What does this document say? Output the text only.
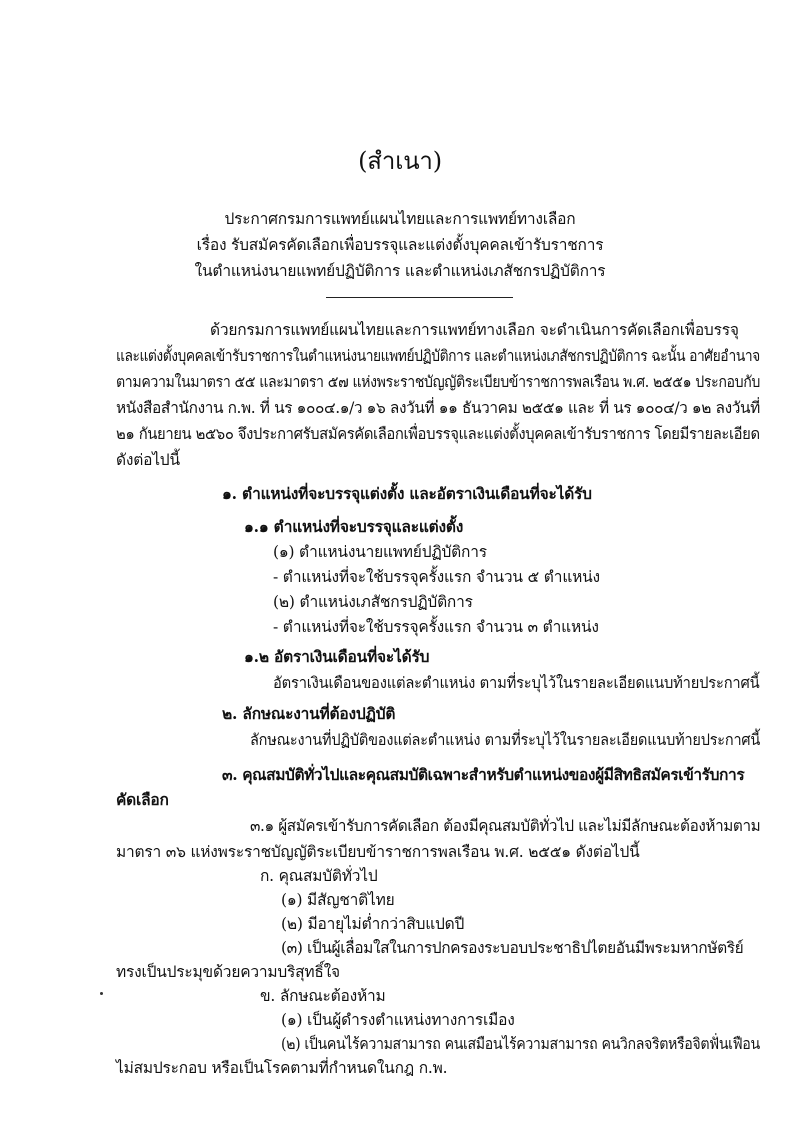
(สำเนา)
ประกาศกรมการแพทย์แผนไทยและการแพทย์ทางเลือก
เรื่อง รับสมัครคัดเลือกเพื่อบรรจุและแต่งตั้งบุคคลเข้ารับราชการ
ในตำแหน่งนายแพทย์ปฏิบัติการ และตำแหน่งเภสัชกรปฏิบัติการ
ด้วยกรมการแพทย์แผนไทยและการแพทย์ทางเลือก จะดำเนินการคัดเลือกเพื่อบรรจุ
และแต่งตั้งบุคคลเข้ารับราชการในตำแหน่งนายแพทย์ปฏิบัติการ และตำแหน่งเภสัชกรปฏิบัติการ ฉะนั้น อาศัยอำนาจ
ตามความในมาตรา ๕๕ และมาตรา ๕๗ แห่งพระราชบัญญัติระเบียบข้าราชการพลเรือน พ.ศ. ๒๕๕๑ ประกอบกับ
หนังสือสำนักงาน ก.พ. ที่ นร ๑๐๐๔.๑/ว ๑๖ ลงวันที่ ๑๑ ธันวาคม ๒๕๕๑ และ ที่ นร ๑๐๐๔/ว ๑๒ ลงวันที่
๒๑ กันยายน ๒๕๖๐ จึงประกาศรับสมัครคัดเลือกเพื่อบรรจุและแต่งตั้งบุคคลเข้ารับราชการ โดยมีรายละเอียด
ดังต่อไปนี้
๑. ตำแหน่งที่จะบรรจุแต่งตั้ง และอัตราเงินเดือนที่จะได้รับ
๑.๑ ตำแหน่งที่จะบรรจุและแต่งตั้ง
(๑) ตำแหน่งนายแพทย์ปฏิบัติการ
- ตำแหน่งที่จะใช้บรรจุครั้งแรก จำนวน ๕ ตำแหน่ง
(๒) ตำแหน่งเภสัชกรปฏิบัติการ
- ตำแหน่งที่จะใช้บรรจุครั้งแรก จำนวน ๓ ตำแหน่ง
๑.๒ อัตราเงินเดือนที่จะได้รับ
อัตราเงินเดือนของแต่ละตำแหน่ง ตามที่ระบุไว้ในรายละเอียดแนบท้ายประกาศนี้
๒. ลักษณะงานที่ต้องปฏิบัติ
ลักษณะงานที่ปฏิบัติของแต่ละตำแหน่ง ตามที่ระบุไว้ในรายละเอียดแนบท้ายประกาศนี้
๓. คุณสมบัติทั่วไปและคุณสมบัติเฉพาะสำหรับตำแหน่งของผู้มีสิทธิสมัครเข้ารับการ
คัดเลือก
๓.๑ ผู้สมัครเข้ารับการคัดเลือก ต้องมีคุณสมบัติทั่วไป และไม่มีลักษณะต้องห้ามตาม
มาตรา ๓๖ แห่งพระราชบัญญัติระเบียบข้าราชการพลเรือน พ.ศ. ๒๕๕๑ ดังต่อไปนี้
ก. คุณสมบัติทั่วไป
(๑) มีสัญชาติไทย
(๒) มีอายุไม่ต่ำกว่าสิบแปดปี
(๓) เป็นผู้เลื่อมใสในการปกครองระบอบประชาธิปไตยอันมีพระมหากษัตริย์
ทรงเป็นประมุขด้วยความบริสุทธิ์ใจ
ข. ลักษณะต้องห้าม
(๑) เป็นผู้ดำรงตำแหน่งทางการเมือง
(๒) เป็นคนไร้ความสามารถ คนเสมือนไร้ความสามารถ คนวิกลจริตหรือจิตฟั่นเฟือน
ไม่สมประกอบ หรือเป็นโรคตามที่กำหนดในกฎ ก.พ.
